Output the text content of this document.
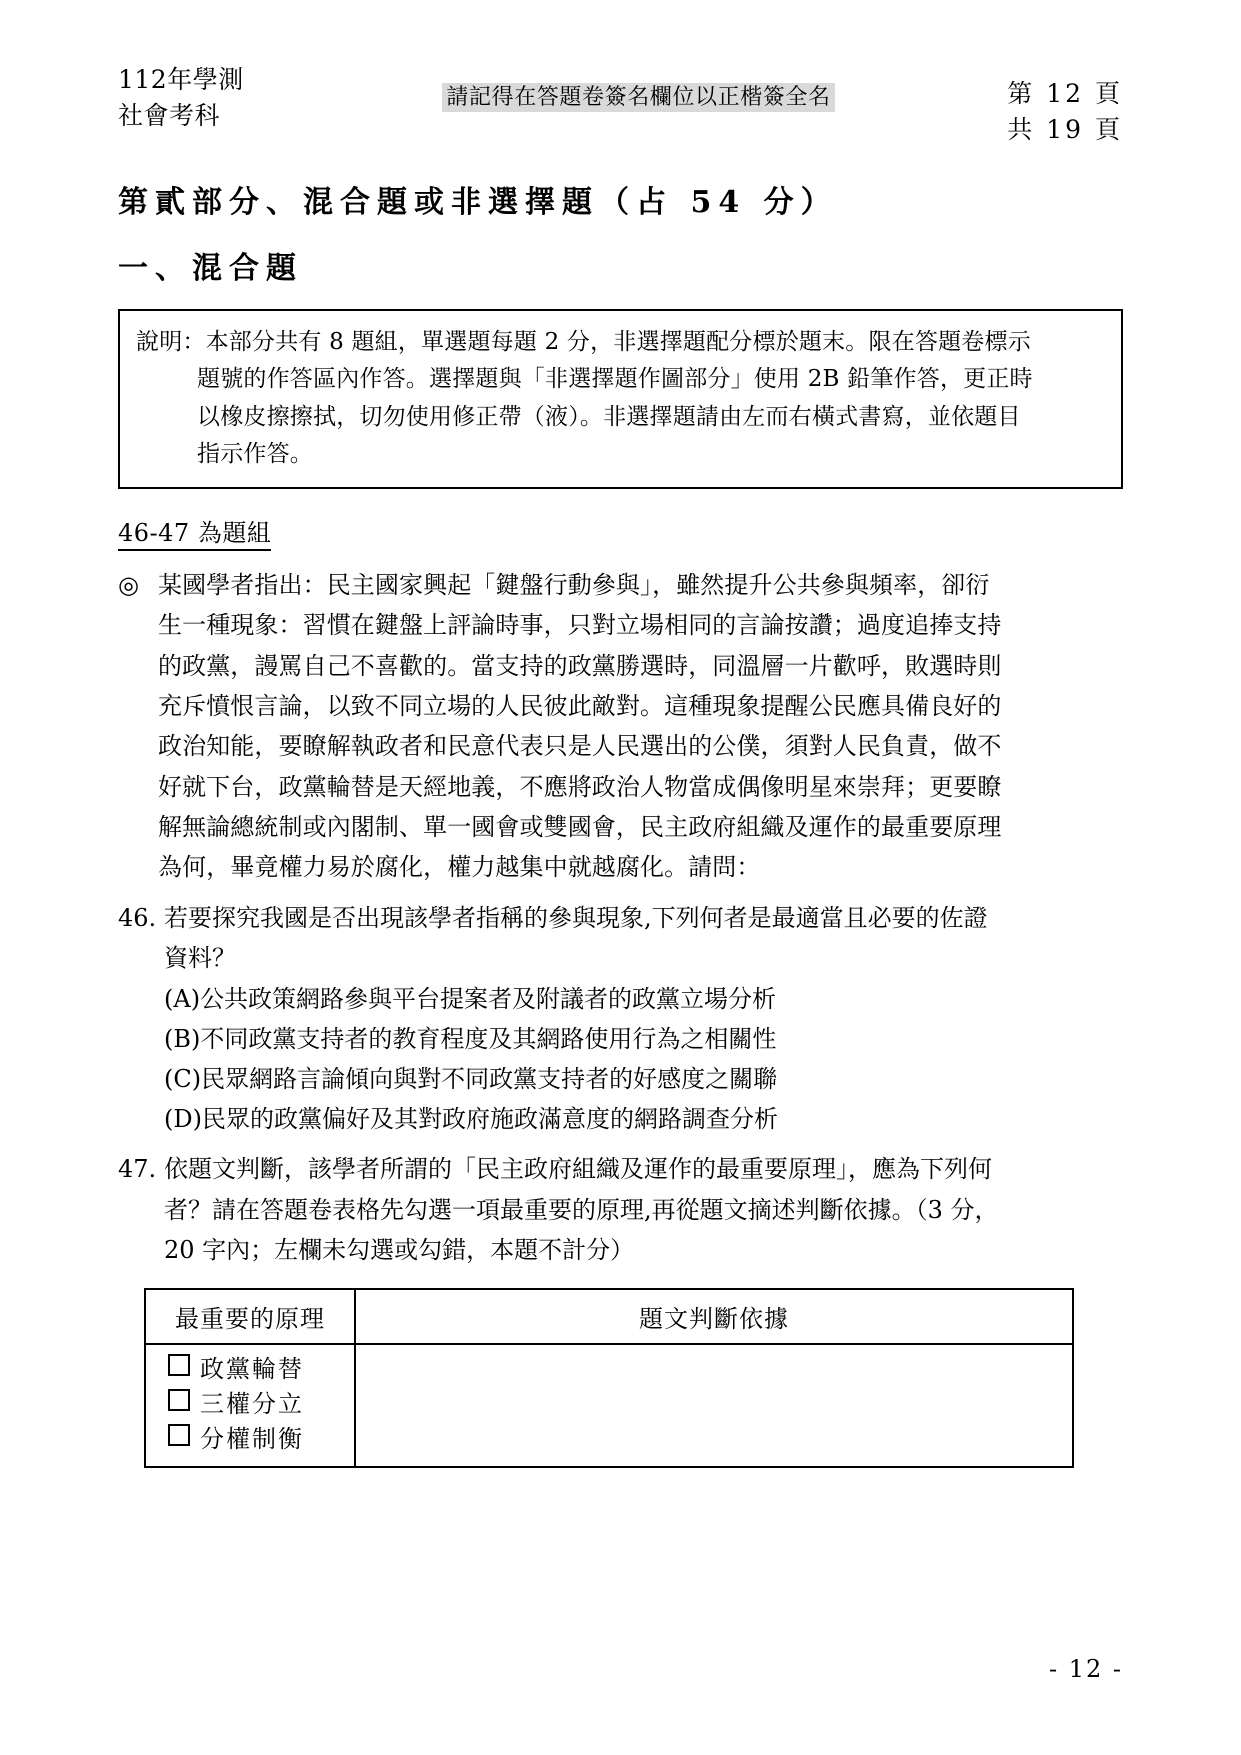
112年學測
社會考科
請記得在答題卷簽名欄位以正楷簽全名	第 12 頁
共 19 頁
第貳部分、混合題或非選擇題（占 54 分）
一、混合題
說明：本部分共有 8 題組，單選題每題 2 分，非選擇題配分標於題末。限在答題卷標示
題號的作答區內作答。選擇題與「非選擇題作圖部分」使用 2B 鉛筆作答，更正時
以橡皮擦擦拭，切勿使用修正帶（液）。非選擇題請由左而右橫式書寫，並依題目
指示作答。
46-47 為題組
◎ 某國學者指出：民主國家興起「鍵盤行動參與」，雖然提升公共參與頻率，卻衍
生一種現象：習慣在鍵盤上評論時事，只對立場相同的言論按讚；過度追捧支持
的政黨，謾罵自己不喜歡的。當支持的政黨勝選時，同溫層一片歡呼，敗選時則
充斥憤恨言論，以致不同立場的人民彼此敵對。這種現象提醒公民應具備良好的
政治知能，要瞭解執政者和民意代表只是人民選出的公僕，須對人民負責，做不
好就下台，政黨輪替是天經地義，不應將政治人物當成偶像明星來崇拜；更要瞭
解無論總統制或內閣制、單一國會或雙國會，民主政府組織及運作的最重要原理
為何，畢竟權力易於腐化，權力越集中就越腐化。請問：
46. 若要探究我國是否出現該學者指稱的參與現象,下列何者是最適當且必要的佐證
資料？
(A)公共政策網路參與平台提案者及附議者的政黨立場分析
(B)不同政黨支持者的教育程度及其網路使用行為之相關性
(C)民眾網路言論傾向與對不同政黨支持者的好感度之關聯
(D)民眾的政黨偏好及其對政府施政滿意度的網路調查分析
47. 依題文判斷，該學者所謂的「民主政府組織及運作的最重要原理」，應為下列何
者？請在答題卷表格先勾選一項最重要的原理,再從題文摘述判斷依據。（3 分，
20 字內；左欄未勾選或勾錯，本題不計分）
最重要的原理	題文判斷依據

政黨輪替
三權分立
分權制衡	

- 12 -
